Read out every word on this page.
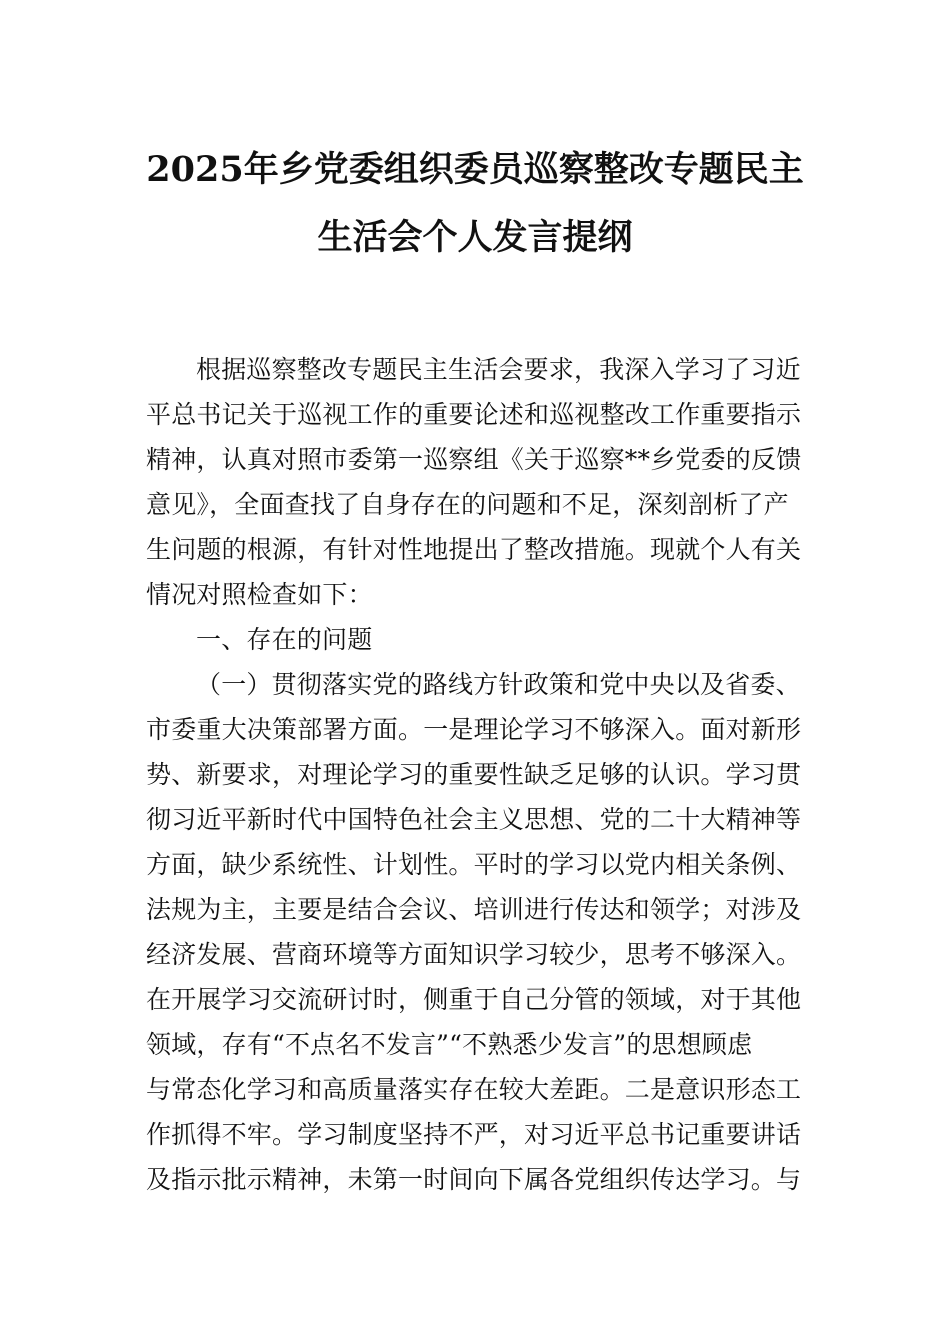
2025年乡党委组织委员巡察整改专题民主
生活会个人发言提纲
根据巡察整改专题民主生活会要求，我深入学习了习近
平总书记关于巡视工作的重要论述和巡视整改工作重要指示
精神，认真对照市委第一巡察组《关于巡察**乡党委的反馈
意见》，全面查找了自身存在的问题和不足，深刻剖析了产
生问题的根源，有针对性地提出了整改措施。现就个人有关
情况对照检查如下：
一、存在的问题
（一）贯彻落实党的路线方针政策和党中央以及省委、
市委重大决策部署方面。一是理论学习不够深入。面对新形
势、新要求，对理论学习的重要性缺乏足够的认识。学习贯
彻习近平新时代中国特色社会主义思想、党的二十大精神等
方面，缺少系统性、计划性。平时的学习以党内相关条例、
法规为主，主要是结合会议、培训进行传达和领学；对涉及
经济发展、营商环境等方面知识学习较少，思考不够深入。
在开展学习交流研讨时，侧重于自己分管的领域，对于其他
领域，存有“不点名不发言”“不熟悉少发言”的思想顾虑
与常态化学习和高质量落实存在较大差距。二是意识形态工
作抓得不牢。学习制度坚持不严，对习近平总书记重要讲话
及指示批示精神，未第一时间向下属各党组织传达学习。与
